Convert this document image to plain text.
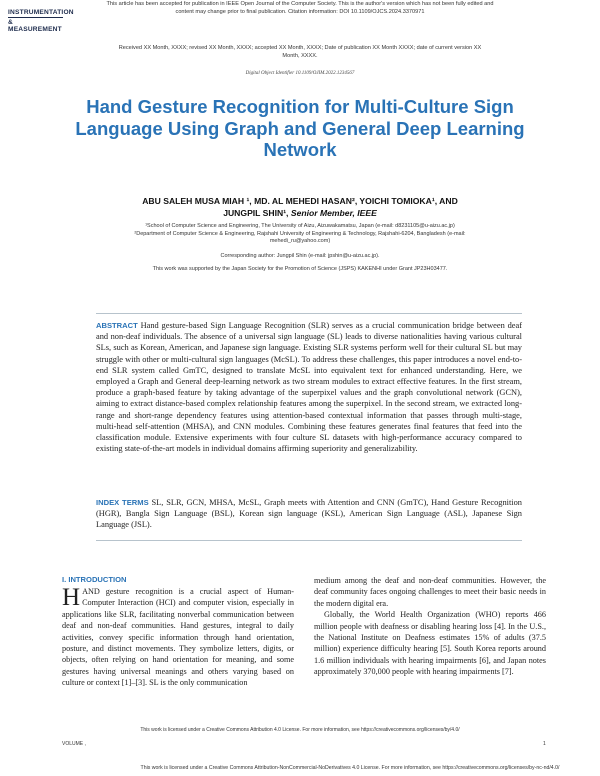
INSTRUMENTATION
& MEASUREMENT
This article has been accepted for publication in IEEE Open Journal of the Computer Society. This is the author's version which has not been fully edited and content may change prior to final publication. Citation information: DOI 10.1109/OJCS.2024.3370971
Received XX Month, XXXX; revised XX Month, XXXX; accepted XX Month, XXXX; Date of publication XX Month XXXX; date of current version XX Month, XXXX.
Digital Object Identifier 10.1109/OJIM.2022.1234567
Hand Gesture Recognition for Multi-Culture Sign Language Using Graph and General Deep Learning Network
ABU SALEH MUSA MIAH ¹, MD. AL MEHEDI HASAN², YOICHI TOMIOKA¹, AND
JUNGPIL SHIN¹, Senior Member, IEEE
¹School of Computer Science and Engineering, The University of Aizu, Aizuwakamatsu, Japan (e-mail: d8231105@u-aizu.ac.jp)
²Department of Computer Science & Engineering, Rajshahi University of Engineering & Technology, Rajshahi-6204, Bangladesh (e-mail: mehedi_ru@yahoo.com)
Corresponding author: Jungpil Shin (e-mail: jpshin@u-aizu.ac.jp).
This work was supported by the Japan Society for the Promotion of Science (JSPS) KAKENHI under Grant JP23H03477.
ABSTRACT Hand gesture-based Sign Language Recognition (SLR) serves as a crucial communication bridge between deaf and non-deaf individuals. The absence of a universal sign language (SL) leads to diverse nationalities having various cultural SLs, such as Korean, American, and Japanese sign language. Existing SLR systems perform well for their cultural SL but may struggle with other or multi-cultural sign languages (McSL). To address these challenges, this paper introduces a novel end-to-end SLR system called GmTC, designed to translate McSL into equivalent text for enhanced understanding. Here, we employed a Graph and General deep-learning network as two stream modules to extract effective features. In the first stream, produce a graph-based feature by taking advantage of the superpixel values and the graph convolutional network (GCN), aiming to extract distance-based complex relationship features among the superpixel. In the second stream, we extracted long-range and short-range dependency features using attention-based contextual information that passes through multi-stage, multi-head self-attention (MHSA), and CNN modules. Combining these features generates final features that feed into the classification module. Extensive experiments with four culture SL datasets with high-performance accuracy compared to existing state-of-the-art models in individual domains affirming superiority and generalizability.
INDEX TERMS SL, SLR, GCN, MHSA, McSL, Graph meets with Attention and CNN (GmTC), Hand Gesture Recognition (HGR), Bangla Sign Language (BSL), Korean sign language (KSL), American Sign Language (ASL), Japanese Sign Language (JSL).
I. INTRODUCTION
HAND gesture recognition is a crucial aspect of Human-Computer Interaction (HCI) and computer vision, especially in applications like SLR, facilitating nonverbal communication between deaf and non-deaf communities. Hand gestures, integral to daily activities, convey specific information through hand orientation, posture, and distinct movements. They symbolize letters, digits, or objects, often relying on hand orientation for meaning, and some gestures having universal meanings and others varying based on culture or context [1]–[3]. SL is the only communication
medium among the deaf and non-deaf communities. However, the deaf community faces ongoing challenges to meet their basic needs in the modern digital era.
Globally, the World Health Organization (WHO) reports 466 million people with deafness or disabling hearing loss [4]. In the U.S., the National Institute on Deafness estimates 15% of adults (37.5 million) experience difficulty hearing [5]. South Korea reports around 1.6 million individuals with hearing impairments [6], and Japan notes approximately 370,000 people with hearing impairments [7].
This work is licensed under a Creative Commons Attribution 4.0 License. For more information, see https://creativecommons.org/licenses/by/4.0/
VOLUME ,	1
This work is licensed under a Creative Commons Attribution-NonCommercial-NoDerivatives 4.0 License. For more information, see https://creativecommons.org/licenses/by-nc-nd/4.0/
